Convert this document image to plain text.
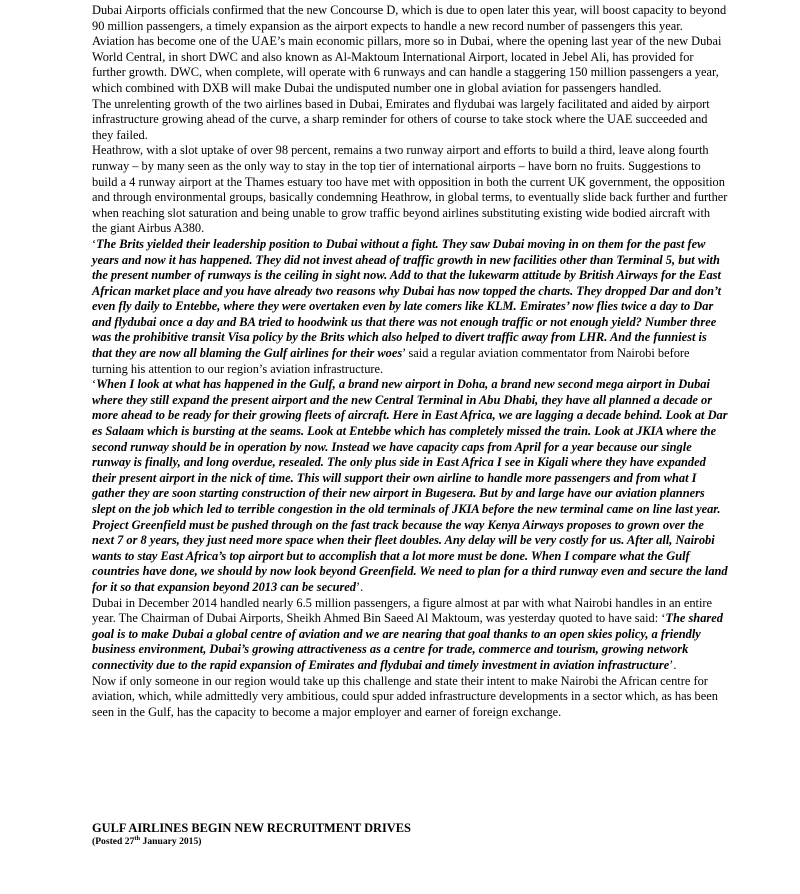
Dubai Airports officials confirmed that the new Concourse D, which is due to open later this year, will boost capacity to beyond 90 million passengers, a timely expansion as the airport expects to handle a new record number of passengers this year.

Aviation has become one of the UAE’s main economic pillars, more so in Dubai, where the opening last year of the new Dubai World Central, in short DWC and also known as Al-Maktoum International Airport, located in Jebel Ali, has provided for further growth. DWC, when complete, will operate with 6 runways and can handle a staggering 150 million passengers a year, which combined with DXB will make Dubai the undisputed number one in global aviation for passengers handled.

The unrelenting growth of the two airlines based in Dubai, Emirates and flydubai was largely facilitated and aided by airport infrastructure growing ahead of the curve, a sharp reminder for others of course to take stock where the UAE succeeded and they failed.

Heathrow, with a slot uptake of over 98 percent, remains a two runway airport and efforts to build a third, leave along fourth runway – by many seen as the only way to stay in the top tier of international airports – have born no fruits. Suggestions to build a 4 runway airport at the Thames estuary too have met with opposition in both the current UK government, the opposition and through environmental groups, basically condemning Heathrow, in global terms, to eventually slide back further and further when reaching slot saturation and being unable to grow traffic beyond airlines substituting existing wide bodied aircraft with the giant Airbus A380.

‘The Brits yielded their leadership position to Dubai without a fight. They saw Dubai moving in on them for the past few years and now it has happened. They did not invest ahead of traffic growth in new facilities other than Terminal 5, but with the present number of runways is the ceiling in sight now. Add to that the lukewarm attitude by British Airways for the East African market place and you have already two reasons why Dubai has now topped the charts. They dropped Dar and don’t even fly daily to Entebbe, where they were overtaken even by late comers like KLM. Emirates’ now flies twice a day to Dar and flydubai once a day and BA tried to hoodwink us that there was not enough traffic or not enough yield? Number three was the prohibitive transit Visa policy by the Brits which also helped to divert traffic away from LHR. And the funniest is that they are now all blaming the Gulf airlines for their woes’ said a regular aviation commentator from Nairobi before turning his attention to our region’s aviation infrastructure.

‘When I look at what has happened in the Gulf, a brand new airport in Doha, a brand new second mega airport in Dubai where they still expand the present airport and the new Central Terminal in Abu Dhabi, they have all planned a decade or more ahead to be ready for their growing fleets of aircraft. Here in East Africa, we are lagging a decade behind. Look at Dar es Salaam which is bursting at the seams. Look at Entebbe which has completely missed the train. Look at JKIA where the second runway should be in operation by now. Instead we have capacity caps from April for a year because our single runway is finally, and long overdue, resealed. The only plus side in East Africa I see in Kigali where they have expanded their present airport in the nick of time. This will support their own airline to handle more passengers and from what I gather they are soon starting construction of their new airport in Bugesera. But by and large have our aviation planners slept on the job which led to terrible congestion in the old terminals of JKIA before the new terminal came on line last year. Project Greenfield must be pushed through on the fast track because the way Kenya Airways proposes to grown over the next 7 or 8 years, they just need more space when their fleet doubles. Any delay will be very costly for us. After all, Nairobi wants to stay East Africa’s top airport but to accomplish that a lot more must be done. When I compare what the Gulf countries have done, we should by now look beyond Greenfield. We need to plan for a third runway even and secure the land for it so that expansion beyond 2013 can be secured’.

Dubai in December 2014 handled nearly 6.5 million passengers, a figure almost at par with what Nairobi handles in an entire year. The Chairman of Dubai Airports, Sheikh Ahmed Bin Saeed Al Maktoum, was yesterday quoted to have said: ‘The shared goal is to make Dubai a global centre of aviation and we are nearing that goal thanks to an open skies policy, a friendly business environment, Dubai’s growing attractiveness as a centre for trade, commerce and tourism, growing network connectivity due to the rapid expansion of Emirates and flydubai and timely investment in aviation infrastructure’.

Now if only someone in our region would take up this challenge and state their intent to make Nairobi the African centre for aviation, which, while admittedly very ambitious, could spur added infrastructure developments in a sector which, as has been seen in the Gulf, has the capacity to become a major employer and earner of foreign exchange.

GULF AIRLINES BEGIN NEW RECRUITMENT DRIVES

(Posted 27th January 2015)
